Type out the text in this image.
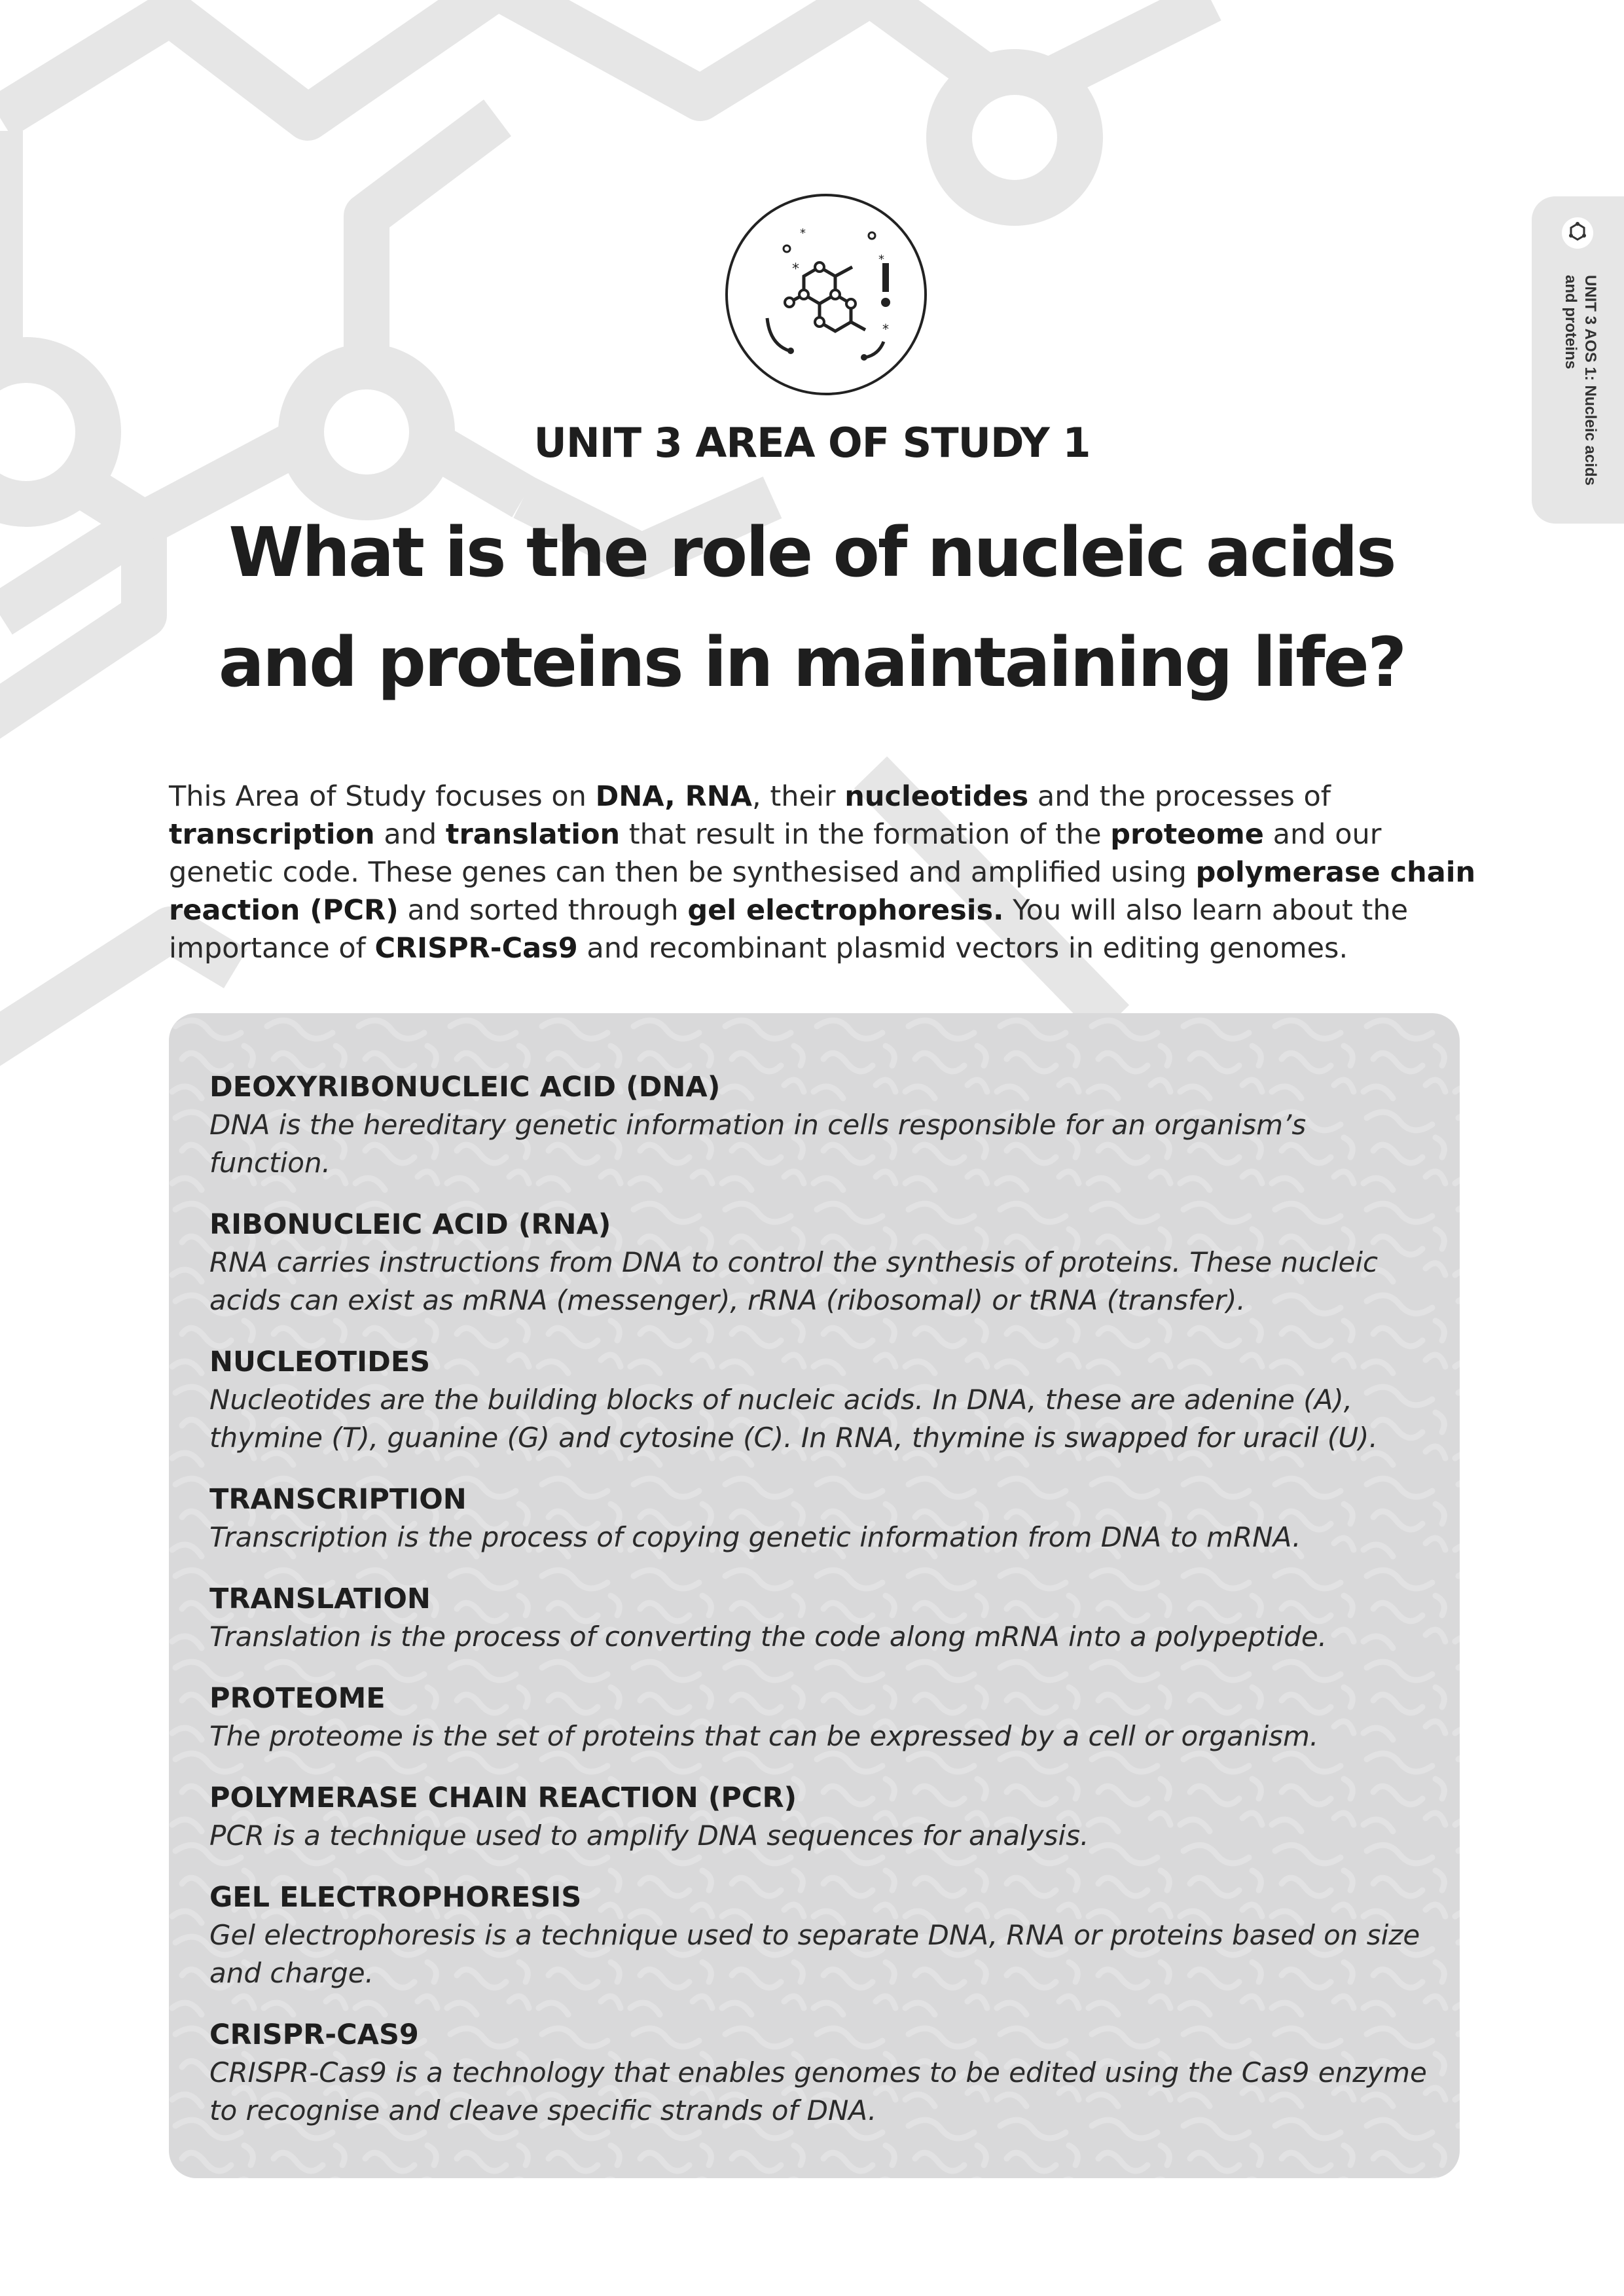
UNIT 3 AOS 1: Nucleic acids and proteins
*
*
*
*
UNIT 3 AREA OF STUDY 1
What is the role of nucleic acids
and proteins in maintaining life?

This Area of Study focuses on DNA, RNA, their nucleotides and the processes of transcription and translation that result in the formation of the proteome and our genetic code. These genes can then be synthesised and amplified using polymerase chain reaction (PCR) and sorted through gel electrophoresis. You will also learn about the importance of CRISPR-Cas9 and recombinant plasmid vectors in editing genomes.

DEOXYRIBONUCLEIC ACID (DNA)
DNA is the hereditary genetic information in cells responsible for an organism’s function.
RIBONUCLEIC ACID (RNA)
RNA carries instructions from DNA to control the synthesis of proteins. These nucleic acids can exist as mRNA (messenger), rRNA (ribosomal) or tRNA (transfer).
NUCLEOTIDES
Nucleotides are the building blocks of nucleic acids. In DNA, these are adenine (A), thymine (T), guanine (G) and cytosine (C). In RNA, thymine is swapped for uracil (U).
TRANSCRIPTION
Transcription is the process of copying genetic information from DNA to mRNA.
TRANSLATION
Translation is the process of converting the code along mRNA into a polypeptide.
PROTEOME
The proteome is the set of proteins that can be expressed by a cell or organism.
POLYMERASE CHAIN REACTION (PCR)
PCR is a technique used to amplify DNA sequences for analysis.
GEL ELECTROPHORESIS
Gel electrophoresis is a technique used to separate DNA, RNA or proteins based on size and charge.
CRISPR-CAS9
CRISPR-Cas9 is a technology that enables genomes to be edited using the Cas9 enzyme to recognise and cleave specific strands of DNA.
